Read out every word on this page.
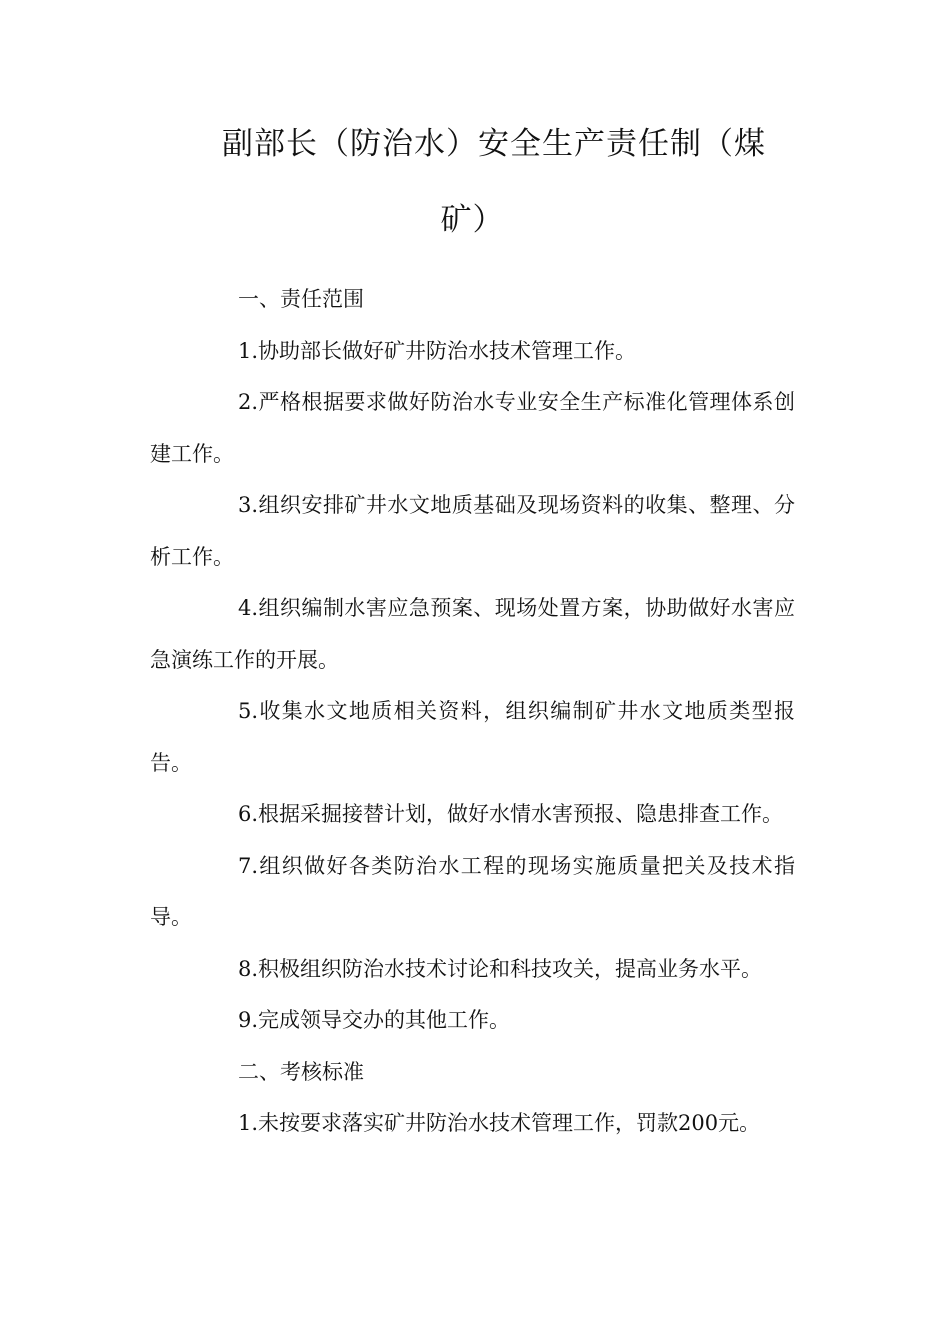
副部长（防治水）安全生产责任制（煤
矿）

一、责任范围

1.协助部长做好矿井防治水技术管理工作。

2.严格根据要求做好防治水专业安全生产标准化管理体系创建工作。

3.组织安排矿井水文地质基础及现场资料的收集、整理、分析工作。

4.组织编制水害应急预案、现场处置方案，协助做好水害应急演练工作的开展。

5.收集水文地质相关资料，组织编制矿井水文地质类型报告。

6.根据采掘接替计划，做好水情水害预报、隐患排查工作。

7.组织做好各类防治水工程的现场实施质量把关及技术指导。

8.积极组织防治水技术讨论和科技攻关，提高业务水平。

9.完成领导交办的其他工作。

二、考核标准

1.未按要求落实矿井防治水技术管理工作，罚款200元。
